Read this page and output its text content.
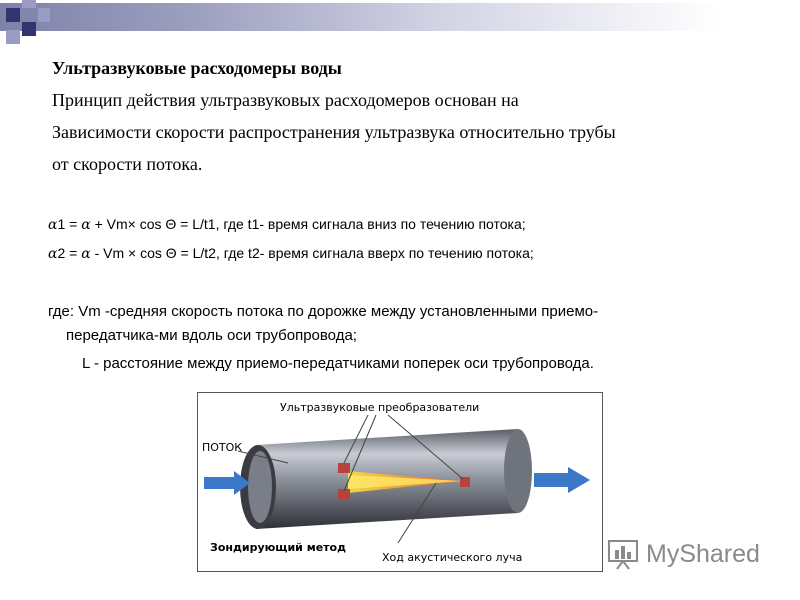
Ультразвуковые расходомеры воды
Принцип действия ультразвуковых расходомеров основан на
Зависимости скорости распространения ультразвука относительно трубы
от скорости потока.
α1 = α + Vm× cos Θ = L/t1, где t1- время сигнала вниз по течению потока;
α2 = α - Vm × cos Θ = L/t2, где t2- время сигнала вверх по течению потока;
где: Vm -средняя скорость потока по дорожке между установленными приемо-
передатчика-ми вдоль оси трубопровода;
L - расстояние между приемо-передатчиками поперек оси трубопровода.
Ультразвуковые преобразователи
ПОТОК
Зондирующий метод
Ход акустического луча	MyShared
